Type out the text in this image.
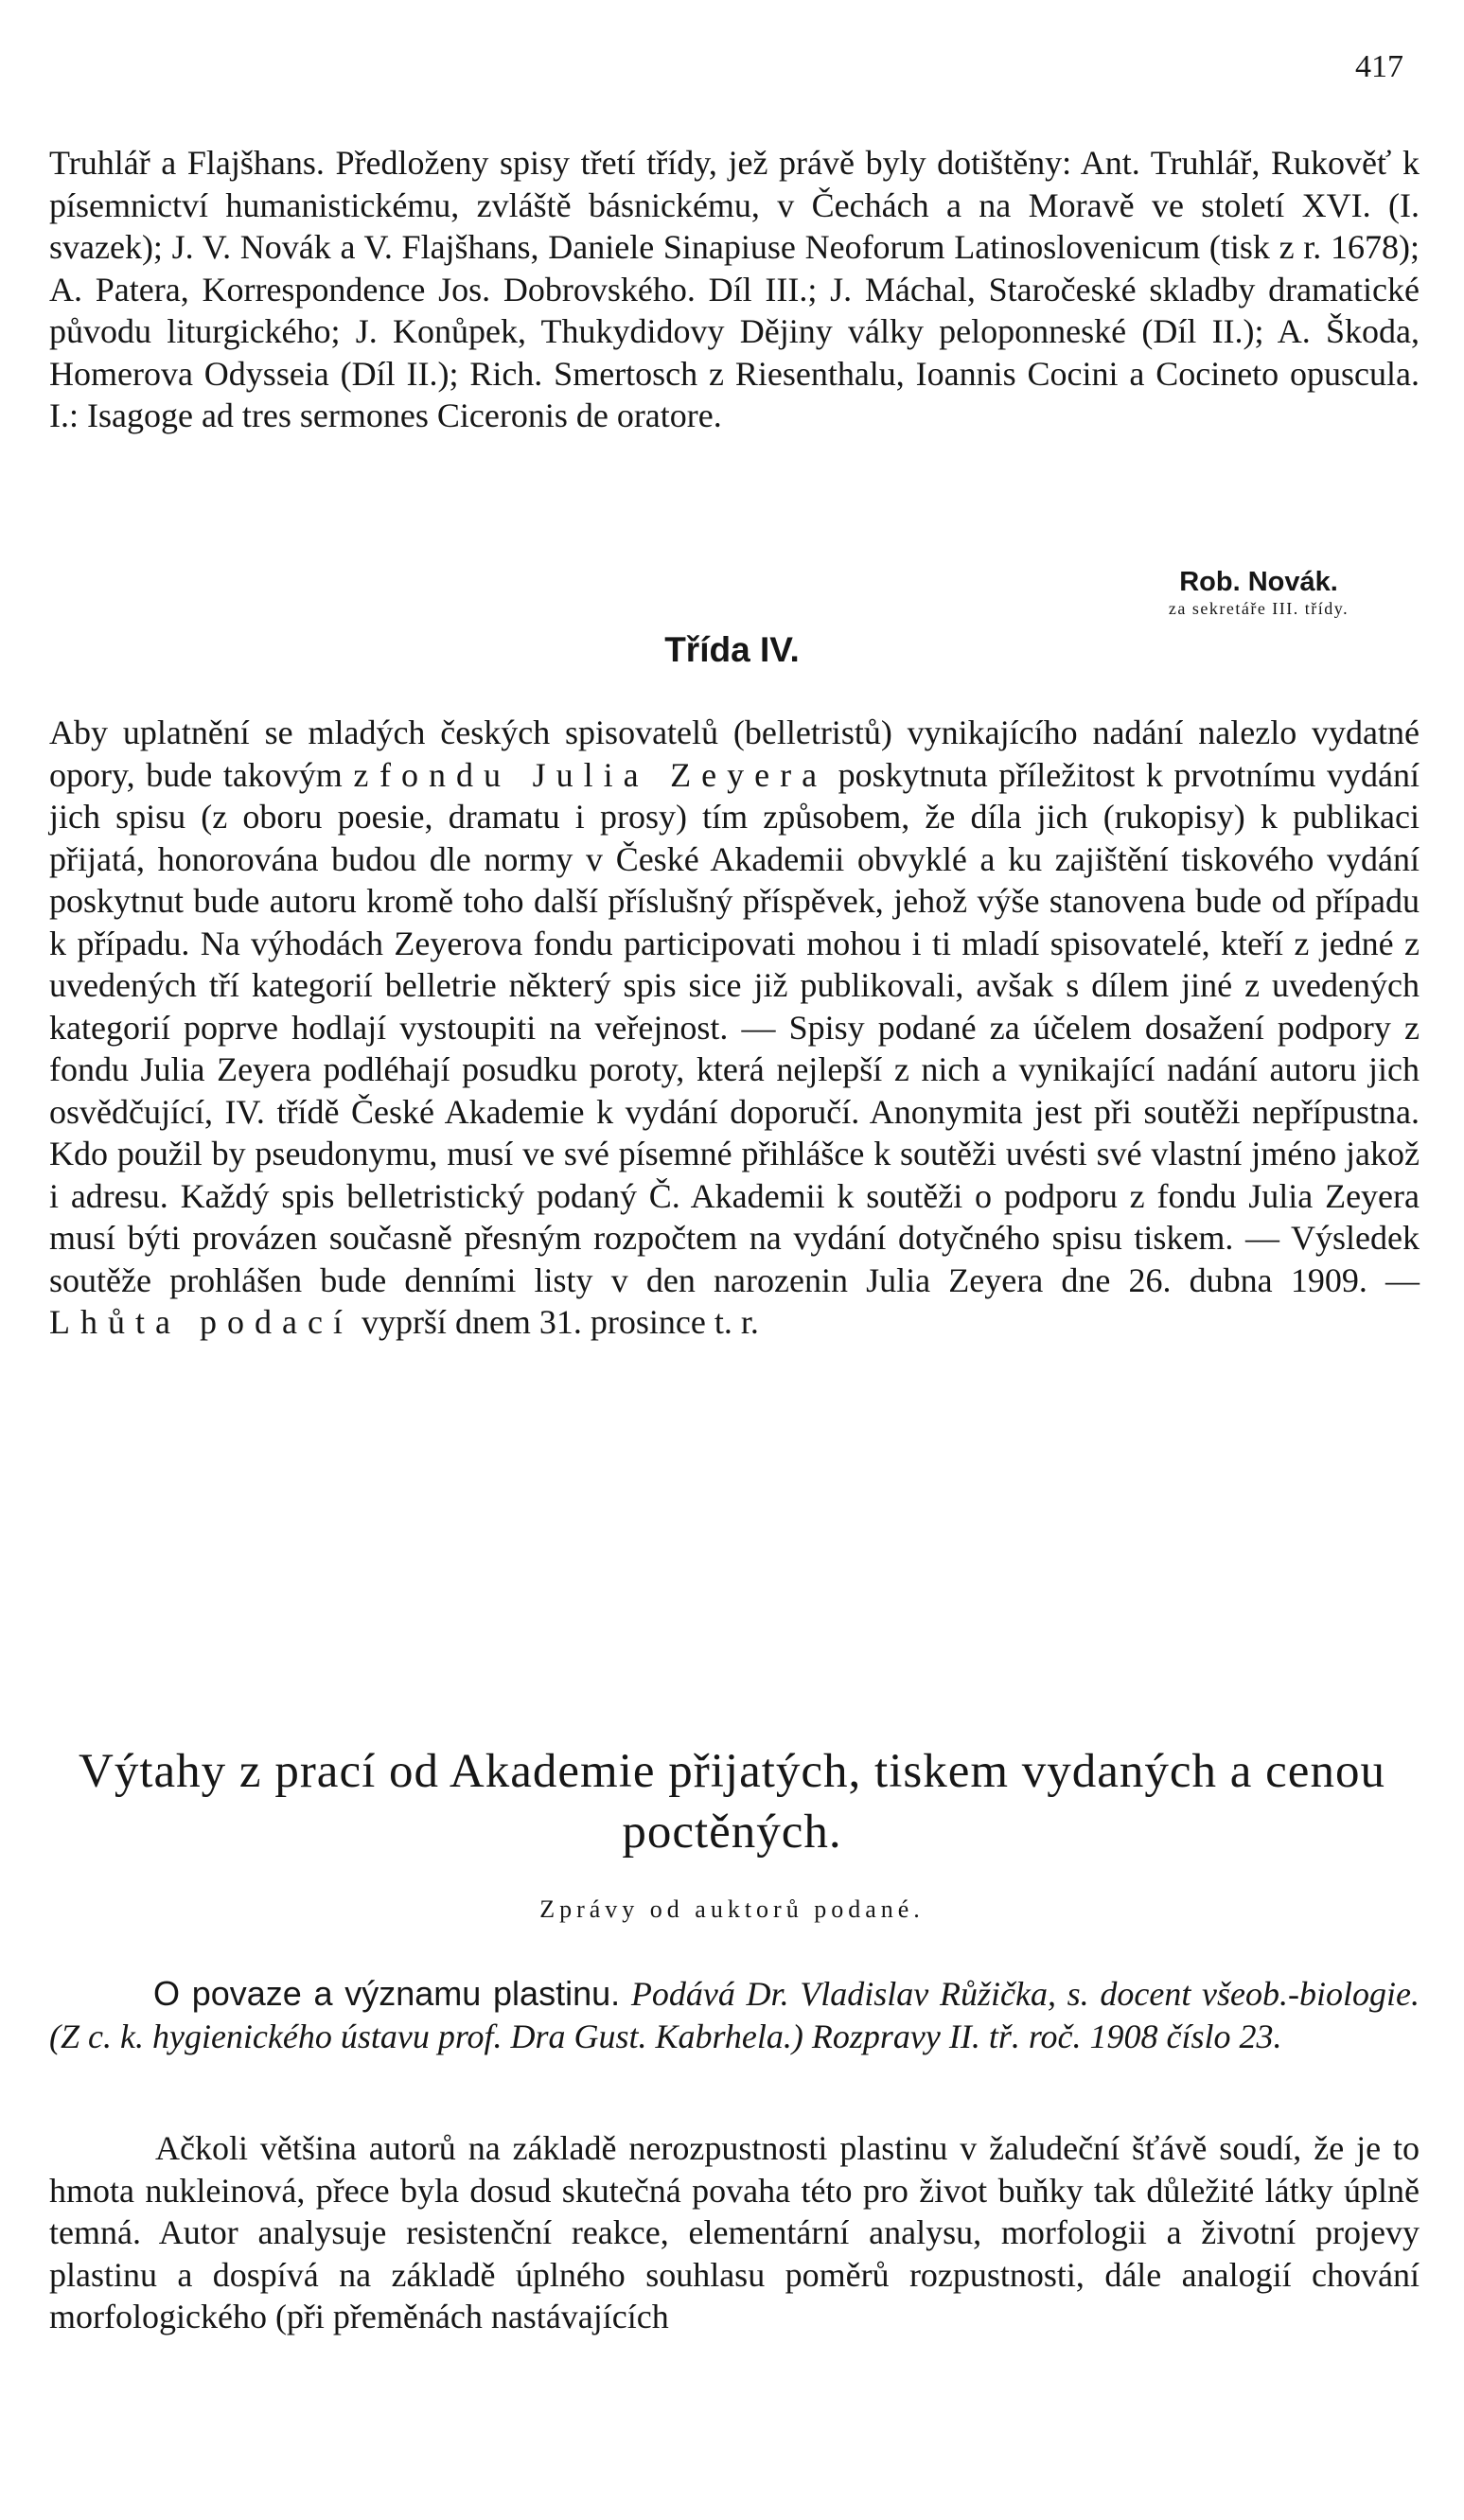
417

Truhlář a Flajšhans. Předloženy spisy třetí třídy, jež právě byly dotištěny: Ant. Truhlář, Rukověť k písemnictví humanistickému, zvláště básnickému, v Čechách a na Moravě ve století XVI. (I. svazek); J. V. Novák a V. Flajšhans, Daniele Sinapiuse Neoforum Latinoslovenicum (tisk z r. 1678); A. Patera, Korrespondence Jos. Dobrovského. Díl III.; J. Máchal, Staročeské skladby dramatické původu liturgického; J. Konůpek, Thukydidovy Dějiny války peloponneské (Díl II.); A. Škoda, Homerova Odysseia (Díl II.); Rich. Smertosch z Riesenthalu, Ioannis Cocini a Cocineto opuscula. I.: Isagoge ad tres sermones Ciceronis de oratore.

Rob. Novák.
za sekretáře III. třídy.
Třída IV.

Aby uplatnění se mladých českých spisovatelů (belletristů) vynikajícího nadání nalezlo vydatné opory, bude takovým z fondu Julia Zeyera poskytnuta příležitost k prvotnímu vydání jich spisu (z oboru poesie, dramatu i prosy) tím způsobem, že díla jich (rukopisy) k publikaci přijatá, honorována budou dle normy v České Akademii obvyklé a ku zajištění tiskového vydání poskytnut bude autoru kromě toho další příslušný příspěvek, jehož výše stanovena bude od případu k případu. Na výhodách Zeyerova fondu participovati mohou i ti mladí spisovatelé, kteří z jedné z uvedených tří kategorií belletrie některý spis sice již publikovali, avšak s dílem jiné z uvedených kategorií poprve hodlají vystoupiti na veřejnost. — Spisy podané za účelem dosažení podpory z fondu Julia Zeyera podléhají posudku poroty, která nejlepší z nich a vynikající nadání autoru jich osvědčující, IV. třídě České Akademie k vydání doporučí. Anonymita jest při soutěži nepřípustna. Kdo použil by pseudonymu, musí ve své písemné přihlášce k soutěži uvésti své vlastní jméno jakož i adresu. Každý spis belletristický podaný Č. Akademii k soutěži o podporu z fondu Julia Zeyera musí býti provázen současně přesným rozpočtem na vydání dotyčného spisu tiskem. — Výsledek soutěže prohlášen bude denními listy v den narozenin Julia Zeyera dne 26. dubna 1909. — Lhůta podací vyprší dnem 31. prosince t. r.

Výtahy z prací od Akademie přijatých, tiskem vydaných a cenou poctěných.
Zprávy od auktorů podané.

O povaze a významu plastinu. Podává Dr. Vladislav Růžička, s. docent všeob.-biologie. (Z c. k. hygienického ústavu prof. Dra Gust. Kabrhela.) Rozpravy II. tř. roč. 1908 číslo 23.

Ačkoli většina autorů na základě nerozpustnosti plastinu v žaludeční šťávě soudí, že je to hmota nukleinová, přece byla dosud skutečná povaha této pro život buňky tak důležité látky úplně temná. Autor analysuje resistenční reakce, elementární analysu, morfologii a životní projevy plastinu a dospívá na základě úplného souhlasu poměrů rozpustnosti, dále analogií chování morfologického (při přeměnách nastávajících
